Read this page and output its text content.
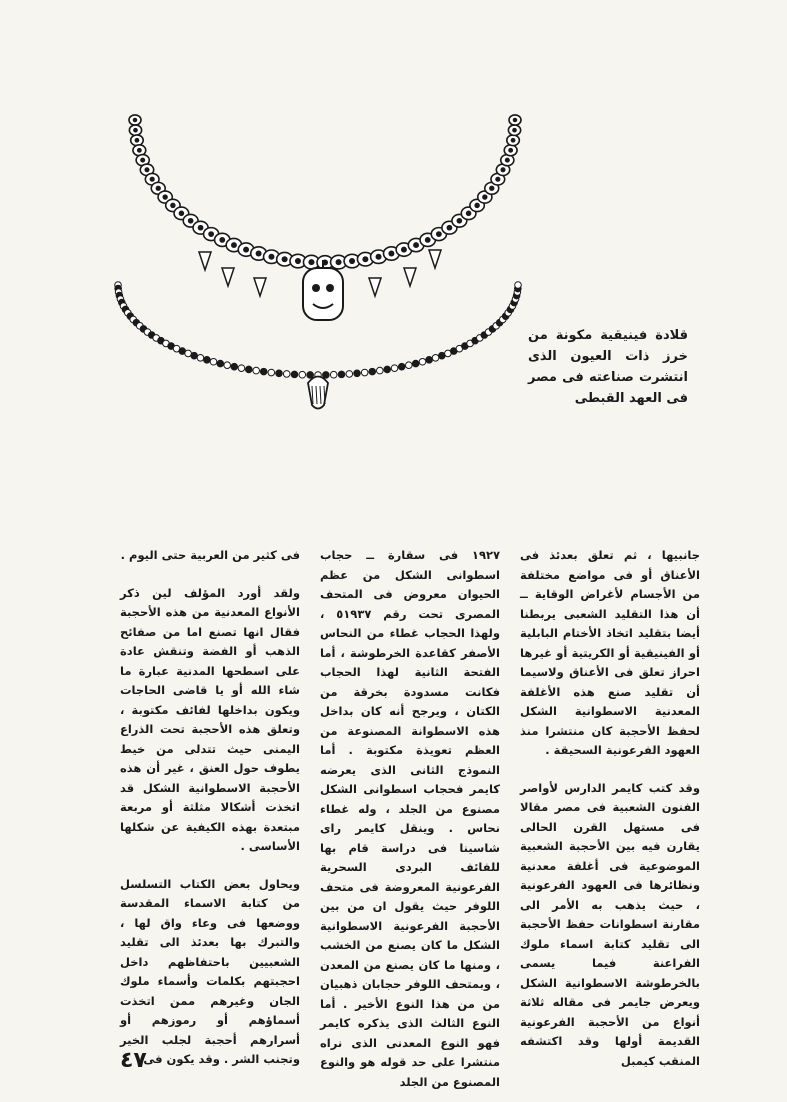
قلادة فينيقية مكونة من خرز ذات العيون الذى انتشرت صناعته فى مصر فى العهد القبطى

جانبيها ، ثم تعلق بعدئذ فى الأعناق أو فى مواضع مختلفة من الأجسام لأغراض الوقاية ــ أن هذا التقليد الشعبى يربطنا أيضا بتقليد اتخاذ الأختام البابلية أو الفينيقية أو الكريتية أو غيرها احراز تعلق فى الأعناق ولاسيما أن تقليد صنع هذه الأغلفة المعدنية الاسطوانية الشكل لحفظ الأحجبة كان منتشرا منذ العهود الفرعونية السحيقة .

وقد كتب كايمر الدارس لأواصر الفنون الشعبية فى مصر مقالا فى مستهل القرن الحالى يقارن فيه بين الأحجبة الشعبية الموضوعية فى أغلفة معدنية ونظائرها فى العهود الفرعونية ، حيث يذهب به الأمر الى مقارنة اسطوانات حفظ الأحجبة الى تقليد كتابة اسماء ملوك الفراعنة فيما يسمى بالخرطوشة الاسطوانية الشكل ويعرض جايمر فى مقاله ثلاثة أنواع من الأحجبة الفرعونية القديمة أولها وقد اكتشفه المنقب كيمبل

١٩٢٧ فى سقارة ــ حجاب اسطوانى الشكل من عظم الحيوان معروض فى المتحف المصرى تحت رقم ٥١٩٣٧ ، ولهذا الحجاب غطاء من النحاس الأصفر كقاعدة الخرطوشة ، أما الفتحة الثانية لهذا الحجاب فكانت مسدودة بخرقة من الكتان ، ويرجح أنه كان بداخل هذه الاسطوانة المصنوعة من العظم تعويذة مكتوبة . أما النموذج الثانى الذى يعرضه كايمر فحجاب اسطوانى الشكل مصنوع من الجلد ، وله غطاء نحاس . وينقل كايمر راى شاسينا فى دراسة قام بها للفائف البردى السحرية الفرعونية المعروضة فى متحف اللوفر حيث يقول ان من بين الأحجبة الفرعونية الاسطوانية الشكل ما كان يصنع من الخشب ، ومنها ما كان يصنع من المعدن ، وبمتحف اللوفر حجابان ذهبيان من من هذا النوع الأخير . أما النوع الثالث الذى يذكره كايمر فهو النوع المعدنى الذى نراه منتشرا على حد قوله هو والنوع المصنوع من الجلد

فى كثير من العربية حتى اليوم .

ولقد أورد المؤلف لين ذكر الأنواع المعدنية من هذه الأحجبة فقال انها تصنع اما من صفائح الذهب أو الفضة وتنقش عادة على اسطحها المدنية عبارة ما شاء الله أو يا قاضى الحاجات ويكون بداخلها لفائف مكتوبة ، وتعلق هذه الأحجبة تحت الذراع اليمنى حيث تتدلى من خيط يطوف حول العنق ، غير أن هذه الأحجبة الاسطوانية الشكل قد اتخذت أشكالا مثلثة أو مربعة مبتعدة بهذه الكيفية عن شكلها الأساسى .

ويحاول بعض الكتاب التسلسل من كتابة الاسماء المقدسة ووضعها فى وعاء واق لها ، والتبرك بها بعدئذ الى تقليد الشعبيين باحتفاظهم داخل احجبتهم بكلمات وأسماء ملوك الجان وغيرهم ممن اتخذت أسماؤهم أو رموزهم أو أسرارهم أحجبة لجلب الخير وتجنب الشر . وقد يكون فى

٤٧
